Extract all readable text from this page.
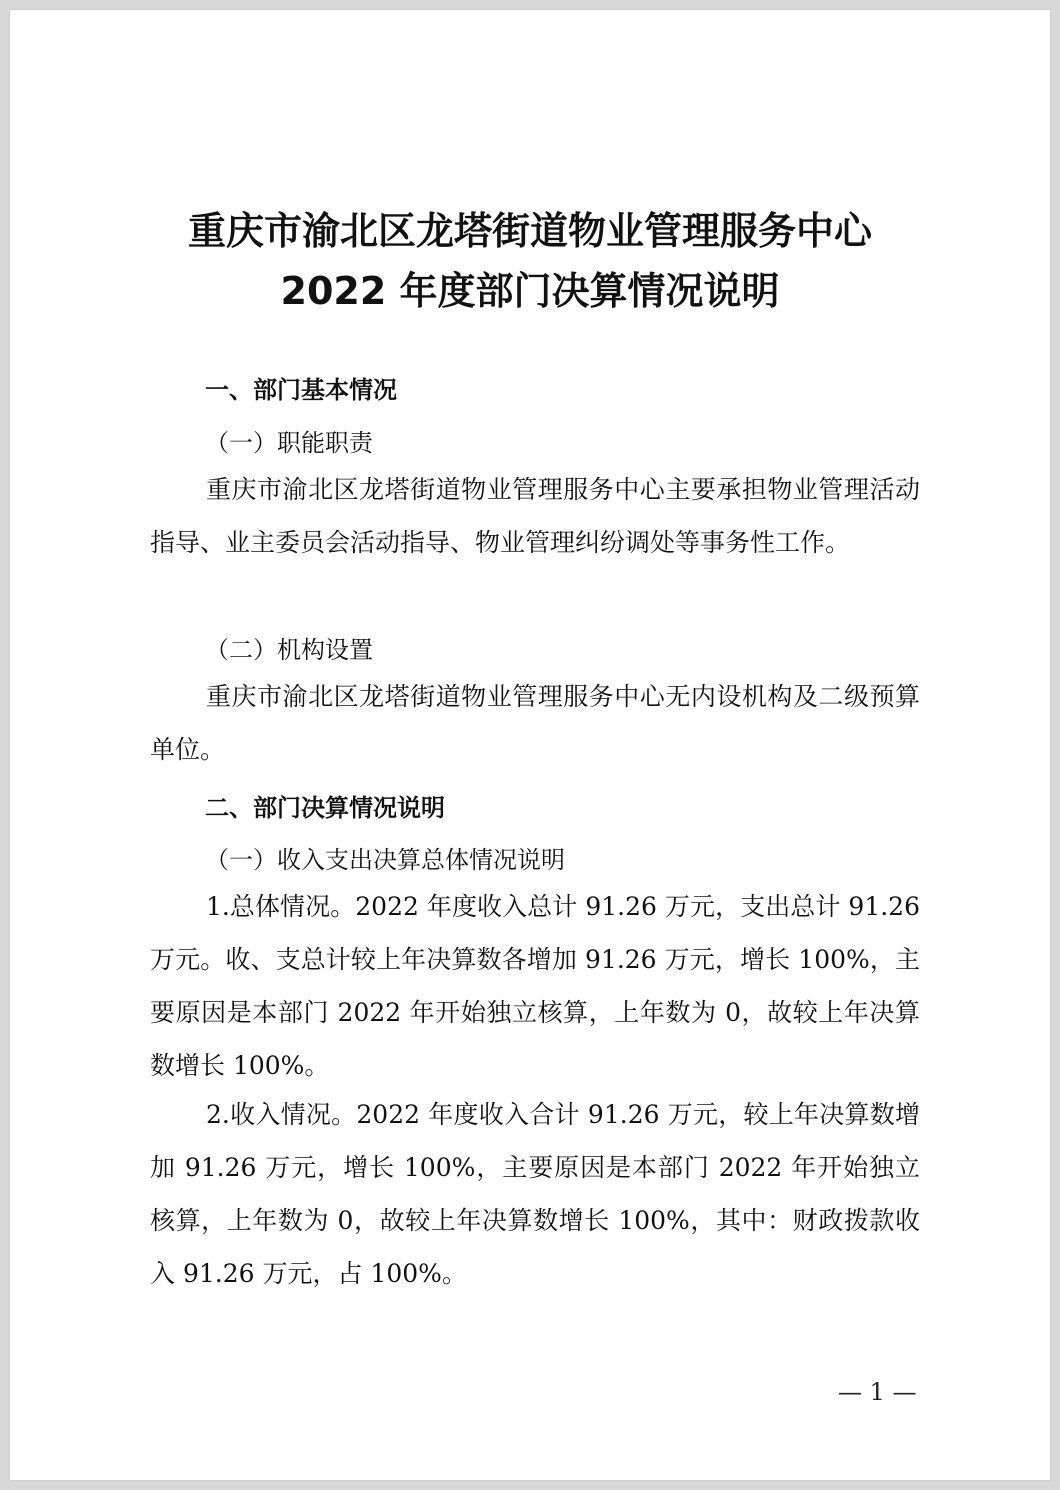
重庆市渝北区龙塔街道物业管理服务中心
2022 年度部门决算情况说明
一、部门基本情况
（一）职能职责
重庆市渝北区龙塔街道物业管理服务中心主要承担物业管理活动指导、业主委员会活动指导、物业管理纠纷调处等事务性工作。
（二）机构设置
重庆市渝北区龙塔街道物业管理服务中心无内设机构及二级预算单位。
二、部门决算情况说明
（一）收入支出决算总体情况说明
1.总体情况。2022 年度收入总计 91.26 万元，支出总计 91.26 万元。收、支总计较上年决算数各增加 91.26 万元，增长 100%，主要原因是本部门 2022 年开始独立核算，上年数为 0，故较上年决算数增长 100%。
2.收入情况。2022 年度收入合计 91.26 万元，较上年决算数增加 91.26 万元，增长 100%，主要原因是本部门 2022 年开始独立核算，上年数为 0，故较上年决算数增长 100%，其中：财政拨款收入 91.26 万元，占 100%。
— 1 —
